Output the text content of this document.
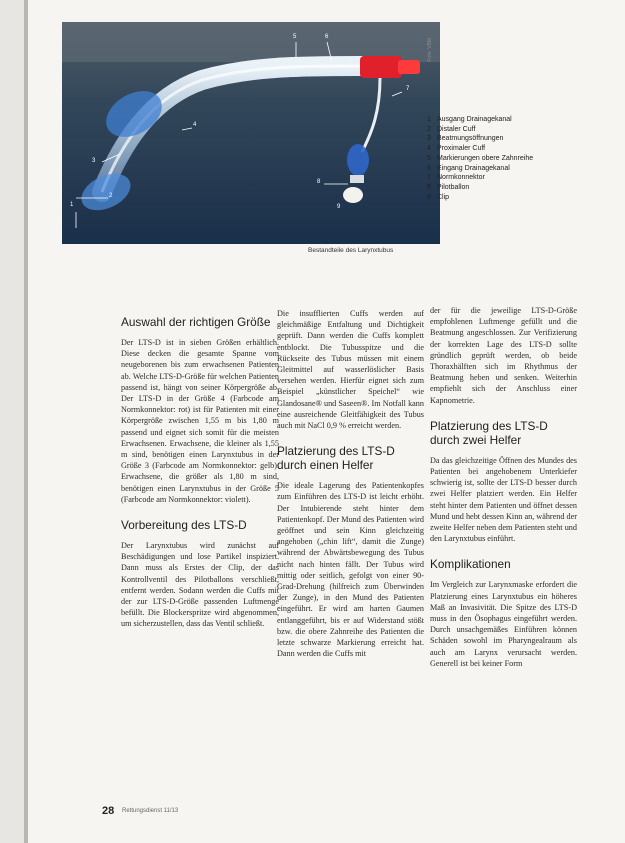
1
2
3
4
5	6
7
8
9
Foto: VBM
1 Ausgang Drainagekanal
2 Distaler Cuff
3 Beatmungsöffnungen
4 Proximaler Cuff
5 Markierungen obere Zahnreihe
6 Eingang Drainagekanal
7 Normkonnektor
8 Pilotballon
9 Clip
Bestandteile des Larynxtubus
Auswahl der richtigen Größe

Der LTS-D ist in sieben Größen erhältlich. Diese decken die gesamte Spanne vom neugeborenen bis zum erwachsenen Patienten ab. Welche LTS-D-Größe für welchen Patienten passend ist, hängt von seiner Körpergröße ab. Der LTS-D in der Größe 4 (Farbcode am Normkonnektor: rot) ist für Patienten mit einer Körpergröße zwischen 1,55 m bis 1,80 m passend und eignet sich somit für die meisten Erwachsenen. Erwachsene, die kleiner als 1,55 m sind, benötigen einen Larynxtubus in der Größe 3 (Farbcode am Normkonnektor: gelb). Erwachsene, die größer als 1,80 m sind, benötigen einen Larynxtubus in der Größe 5 (Farbcode am Normkonnektor: violett).

Vorbereitung des LTS-D

Der Larynxtubus wird zunächst auf Beschädigungen und lose Partikel inspiziert. Dann muss als Erstes der Clip, der das Kontrollventil des Pilotballons verschließt, entfernt werden. Sodann werden die Cuffs mit der zur LTS-D-Größe passenden Luftmenge befüllt. Die Blockerspritze wird abgenommen, um sicherzustellen, dass das Ventil schließt.

Die insufflierten Cuffs werden auf gleichmäßige Entfaltung und Dichtigkeit geprüft. Dann werden die Cuffs komplett entblockt. Die Tubusspitze und die Rückseite des Tubus müssen mit einem Gleitmittel auf wasserlöslicher Basis versehen werden. Hierfür eignet sich zum Beispiel „künstlicher Speichel“ wie Glandosane® und Saseen®. Im Notfall kann eine ausreichende Gleitfähigkeit des Tubus auch mit NaCl 0,9 % erreicht werden.

Platzierung des LTS-D durch einen Helfer

Die ideale Lagerung des Patientenkopfes zum Einführen des LTS-D ist leicht erhöht. Der Intubierende steht hinter dem Patientenkopf. Der Mund des Patienten wird geöffnet und sein Kinn gleichzeitig angehoben („chin lift“, damit die Zunge) während der Abwärtsbewegung des Tubus nicht nach hinten fällt. Der Tubus wird mittig oder seitlich, gefolgt von einer 90-Grad-Drehung (hilfreich zum Überwinden der Zunge), in den Mund des Patienten eingeführt. Er wird am harten Gaumen entlanggeführt, bis er auf Widerstand stößt bzw. die obere Zahnreihe des Patienten die letzte schwarze Markierung erreicht hat. Dann werden die Cuffs mit

der für die jeweilige LTS-D-Größe empfohlenen Luftmenge gefüllt und die Beatmung angeschlossen. Zur Verifizierung der korrekten Lage des LTS-D sollte gründlich geprüft werden, ob beide Thoraxhälften sich im Rhythmus der Beatmung heben und senken. Weiterhin empfiehlt sich der Anschluss einer Kapnometrie.

Platzierung des LTS-D durch zwei Helfer

Da das gleichzeitige Öffnen des Mundes des Patienten bei angehobenem Unterkiefer schwierig ist, sollte der LTS-D besser durch zwei Helfer platziert werden. Ein Helfer steht hinter dem Patienten und öffnet dessen Mund und hebt dessen Kinn an, während der zweite Helfer neben dem Patienten steht und den Larynxtubus einführt.

Komplikationen

Im Vergleich zur Larynxmaske erfordert die Platzierung eines Larynxtubus ein höheres Maß an Invasivität. Die Spitze des LTS-D muss in den Ösophagus eingeführt werden. Durch unsachgemäßes Einführen können Schäden sowohl im Pharyngealraum als auch am Larynx verursacht werden. Generell ist bei keiner Form

28 Rettungsdienst 11/13
